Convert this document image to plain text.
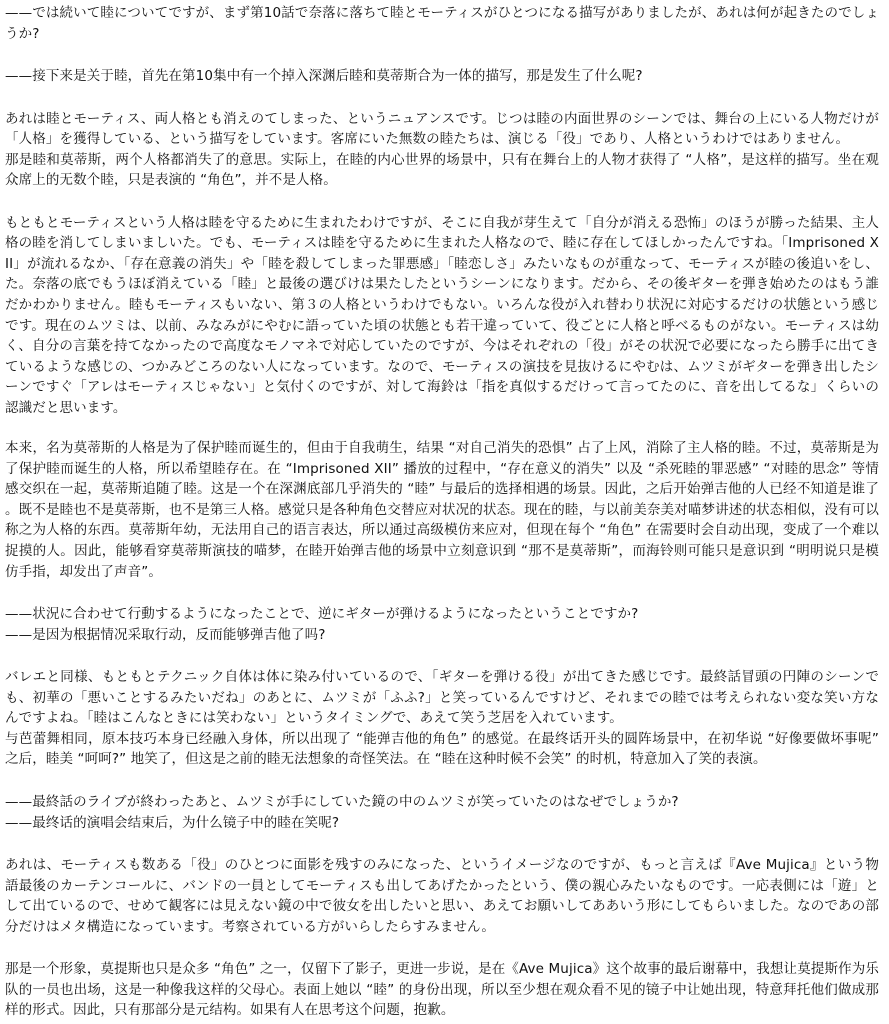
——では続いて睦についてですが、まず第10話で奈落に落ちて睦とモーティスがひとつになる描写がありましたが、あれは何が起きたのでしょうか?

——接下来是关于睦，首先在第10集中有一个掉入深渊后睦和莫蒂斯合为一体的描写，那是发生了什么呢?

あれは睦とモーティス、両人格とも消えのてしまった、というニュアンスです。じつは睦の内面世界のシーンでは、舞台の上にいる人物だけが「人格」を獲得している、という描写をしています。客席にいた無数の睦たちは、演じる「役」であり、人格というわけではありません。

那是睦和莫蒂斯，两个人格都消失了的意思。实际上，在睦的内心世界的场景中，只有在舞台上的人物才获得了 “人格”，是这样的描写。坐在观众席上的无数个睦，只是表演的 “角色”，并不是人格。

もともとモーティスという人格は睦を守るために生まれたわけですが、そこに自我が芽生えて「自分が消える恐怖」のほうが勝った結果、主人格の睦を消してしまいましいた。でも、モーティスは睦を守るために生まれた人格なので、睦に存在してほしかったんですね。「Imprisoned XII」が流れるなか、「存在意義の消失」や「睦を殺してしまった罪悪感」「睦恋しさ」みたいなものが重なって、モーティスが睦の後追いをし、た。奈落の底でもうほぼ消えている「睦」と最後の選びけは果たしたというシーンになります。だから、その後ギターを弾き始めたのはもう誰だかわかりません。睦もモーティスもいない、第３の人格というわけでもない。いろんな役が入れ替わり状況に対応するだけの状態という感じです。現在のムツミは、以前、みなみがにやむに語っていた頃の状態とも若干違っていて、役ごとに人格と呼べるものがない。モーティスは幼く、自分の言葉を持てなかったので高度なモノマネで対応していたのですが、今はそれぞれの「役」がその状況で必要になったら勝手に出てきているような感じの、つかみどころのない人になっています。なので、モーティスの演技を見抜けるにやむは、ムツミがギターを弾き出したシーンですぐ「アレはモーティスじゃない」と気付くのですが、対して海鈴は「指を真似するだけって言ってたのに、音を出してるな」くらいの認識だと思います。

本来，名为莫蒂斯的人格是为了保护睦而诞生的，但由于自我萌生，结果 “对自己消失的恐惧” 占了上风，消除了主人格的睦。不过，莫蒂斯是为了保护睦而诞生的人格，所以希望睦存在。在 “Imprisoned XII” 播放的过程中，“存在意义的消失” 以及 “杀死睦的罪恶感” “对睦的思念” 等情感交织在一起，莫蒂斯追随了睦。这是一个在深渊底部几乎消失的 “睦” 与最后的选择相遇的场景。因此，之后开始弹吉他的人已经不知道是谁了。既不是睦也不是莫蒂斯，也不是第三人格。感觉只是各种角色交替应对状况的状态。现在的睦，与以前美奈美对喵梦讲述的状态相似，没有可以称之为人格的东西。莫蒂斯年幼，无法用自己的语言表达，所以通过高级模仿来应对，但现在每个 “角色” 在需要时会自动出现，变成了一个难以捉摸的人。因此，能够看穿莫蒂斯演技的喵梦，在睦开始弹吉他的场景中立刻意识到 “那不是莫蒂斯”，而海铃则可能只是意识到 “明明说只是模仿手指，却发出了声音”。

——状況に合わせて行動するようになったことで、逆にギターが弾けるようになったということですか?

——是因为根据情况采取行动，反而能够弹吉他了吗?

バレエと同様、もともとテクニック自体は体に染み付いているので、「ギターを弾ける役」が出てきた感じです。最終話冒頭の円陣のシーンでも、初華の「悪いことするみたいだね」のあとに、ムツミが「ふふ?」と笑っているんですけど、それまでの睦では考えられない変な笑い方なんですよね。「睦はこんなときには笑わない」というタイミングで、あえて笑う芝居を入れています。

与芭蕾舞相同，原本技巧本身已经融入身体，所以出现了 “能弹吉他的角色” 的感觉。在最终话开头的圆阵场景中，在初华说 “好像要做坏事呢” 之后，睦美 “呵呵?” 地笑了，但这是之前的睦无法想象的奇怪笑法。在 “睦在这种时候不会笑” 的时机，特意加入了笑的表演。

——最終話のライブが終わったあと、ムツミが手にしていた鏡の中のムツミが笑っていたのはなぜでしょうか?

——最终话的演唱会结束后，为什么镜子中的睦在笑呢?

あれは、モーティスも数ある「役」のひとつに面影を残すのみになった、というイメージなのですが、もっと言えば『Ave Mujica』という物語最後のカーテンコールに、バンドの一員としてモーティスも出してあげたかったという、僕の親心みたいなものです。一応表側には「遊」として出ているので、せめて観客には見えない鏡の中で彼女を出したいと思い、あえてお願いしてああいう形にしてもらいました。なのであの部分だけはメタ構造になっています。考察されている方がいらしたらすみません。

那是一个形象，莫提斯也只是众多 “角色” 之一，仅留下了影子，更进一步说，是在《Ave Mujica》这个故事的最后谢幕中，我想让莫提斯作为乐队的一员也出场，这是一种像我这样的父母心。表面上她以 “睦” 的身份出现，所以至少想在观众看不见的镜子中让她出现，特意拜托他们做成那样的形式。因此，只有那部分是元结构。如果有人在思考这个问题，抱歉。
